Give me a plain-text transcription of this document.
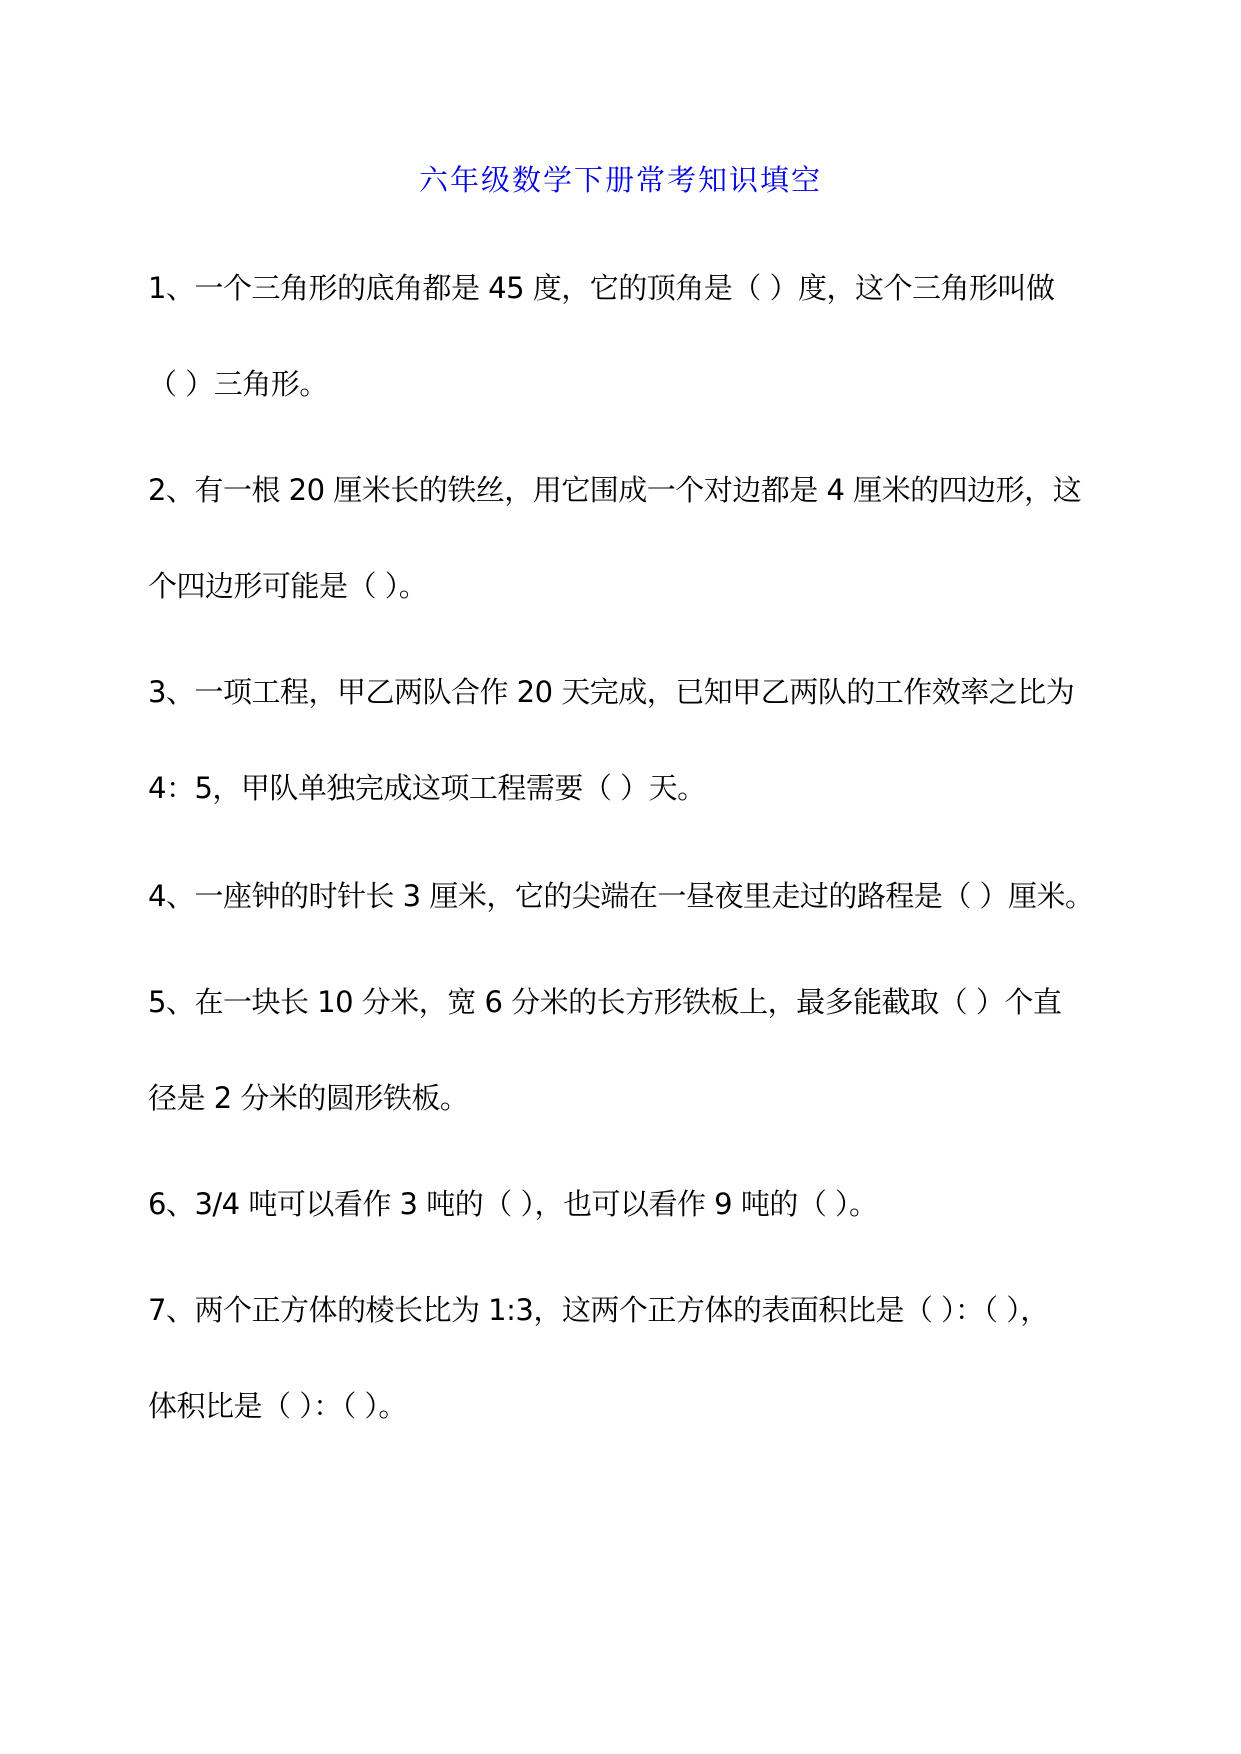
六年级数学下册常考知识填空
1、一个三角形的底角都是 45 度，它的顶角是（ ）度，这个三角形叫做
（ ）三角形。
2、有一根 20 厘米长的铁丝，用它围成一个对边都是 4 厘米的四边形，这
个四边形可能是（ ）。
3、一项工程，甲乙两队合作 20 天完成，已知甲乙两队的工作效率之比为
4：5，甲队单独完成这项工程需要（ ）天。
4、一座钟的时针长 3 厘米，它的尖端在一昼夜里走过的路程是（ ）厘米。
5、在一块长 10 分米，宽 6 分米的长方形铁板上，最多能截取（ ）个直
径是 2 分米的圆形铁板。
6、3/4 吨可以看作 3 吨的（ ），也可以看作 9 吨的（ ）。
7、两个正方体的棱长比为 1:3，这两个正方体的表面积比是（ ）：（ ），
体积比是（ ）：（ ）。
